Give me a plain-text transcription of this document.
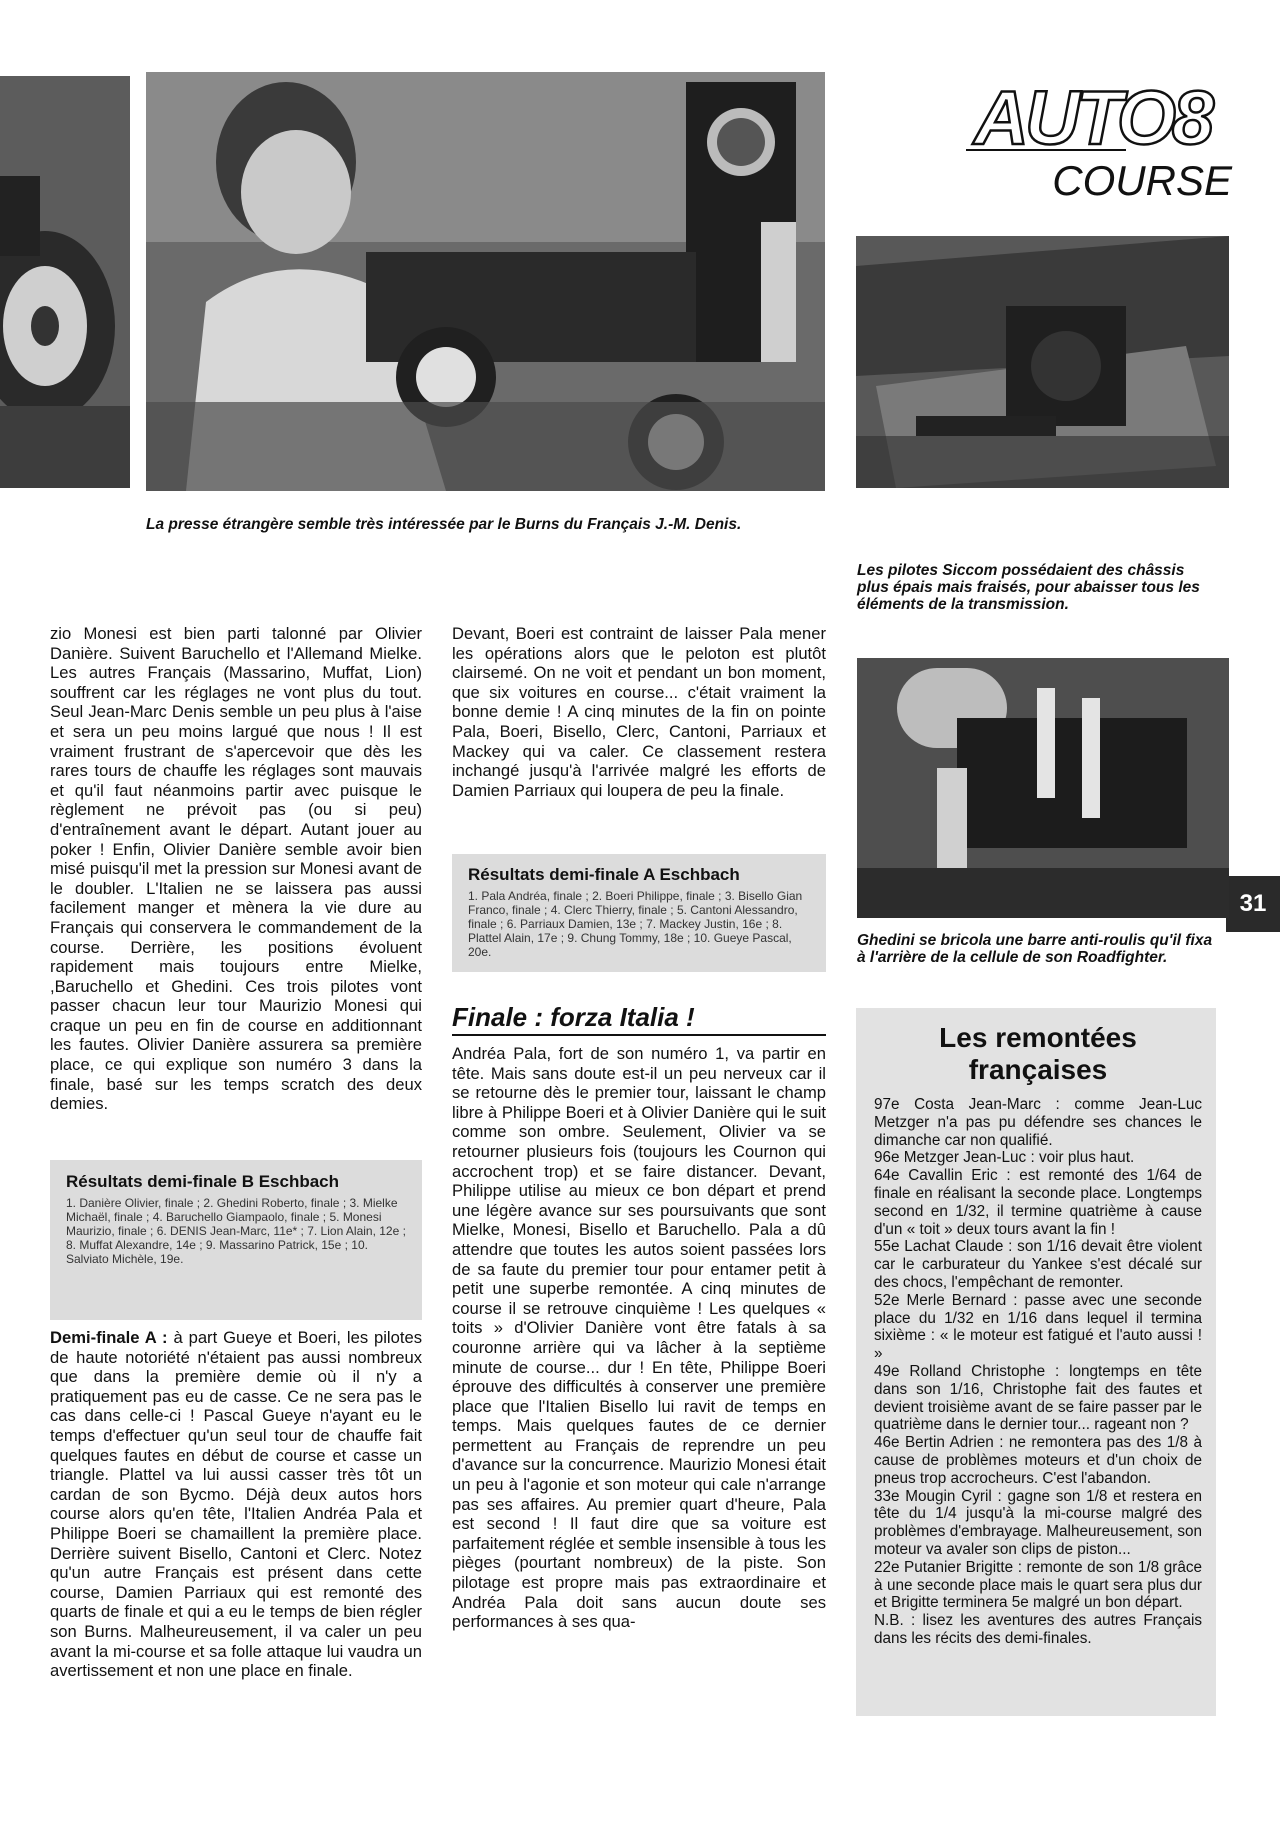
AUTO8
COURSE
31
La presse étrangère semble très intéressée par le Burns du Français J.-M. Denis.
Les pilotes Siccom possédaient des châssis plus épais mais fraisés, pour abaisser tous les éléments de la transmission.
Ghedini se bricola une barre anti-roulis qu'il fixa à l'arrière de la cellule de son Roadfighter.

zio Monesi est bien parti talonné par Olivier Danière. Suivent Baruchello et l'Allemand Mielke. Les autres Français (Massarino, Muffat, Lion) souffrent car les réglages ne vont plus du tout. Seul Jean-Marc Denis semble un peu plus à l'aise et sera un peu moins largué que nous ! Il est vraiment frustrant de s'apercevoir que dès les rares tours de chauffe les réglages sont mauvais et qu'il faut néanmoins partir avec puisque le règlement ne prévoit pas (ou si peu) d'entraînement avant le départ. Autant jouer au poker ! Enfin, Olivier Danière semble avoir bien misé puisqu'il met la pression sur Monesi avant de le doubler. L'Italien ne se laissera pas aussi facilement manger et mènera la vie dure au Français qui conservera le commandement de la course. Derrière, les positions évoluent rapidement mais toujours entre Mielke, ,Baruchello et Ghedini. Ces trois pilotes vont passer chacun leur tour Maurizio Monesi qui craque un peu en fin de course en additionnant les fautes. Olivier Danière assurera sa première place, ce qui explique son numéro 3 dans la finale, basé sur les temps scratch des deux demies.

Résultats demi-finale B Eschbach
1. Danière Olivier, finale ; 2. Ghedini Roberto, finale ; 3. Mielke Michaël, finale ; 4. Baruchello Giampaolo, finale ; 5. Monesi Maurizio, finale ; 6. DENIS Jean-Marc, 11e* ; 7. Lion Alain, 12e ; 8. Muffat Alexandre, 14e ; 9. Massarino Patrick, 15e ; 10. Salviato Michèle, 19e.

Demi-finale A : à part Gueye et Boeri, les pilotes de haute notoriété n'étaient pas aussi nombreux que dans la première demie où il n'y a pratiquement pas eu de casse. Ce ne sera pas le cas dans celle-ci ! Pascal Gueye n'ayant eu le temps d'effectuer qu'un seul tour de chauffe fait quelques fautes en début de course et casse un triangle. Plattel va lui aussi casser très tôt un cardan de son Bycmo. Déjà deux autos hors course alors qu'en tête, l'Italien Andréa Pala et Philippe Boeri se chamaillent la première place. Derrière suivent Bisello, Cantoni et Clerc. Notez qu'un autre Français est présent dans cette course, Damien Parriaux qui est remonté des quarts de finale et qui a eu le temps de bien régler son Burns. Malheureusement, il va caler un peu avant la mi-course et sa folle attaque lui vaudra un avertissement et non une place en finale.

Devant, Boeri est contraint de laisser Pala mener les opérations alors que le peloton est plutôt clairsemé. On ne voit et pendant un bon moment, que six voitures en course... c'était vraiment la bonne demie ! A cinq minutes de la fin on pointe Pala, Boeri, Bisello, Clerc, Cantoni, Parriaux et Mackey qui va caler. Ce classement restera inchangé jusqu'à l'arrivée malgré les efforts de Damien Parriaux qui loupera de peu la finale.

Résultats demi-finale A Eschbach
1. Pala Andréa, finale ; 2. Boeri Philippe, finale ; 3. Bisello Gian Franco, finale ; 4. Clerc Thierry, finale ; 5. Cantoni Alessandro, finale ; 6. Parriaux Damien, 13e ; 7. Mackey Justin, 16e ; 8. Plattel Alain, 17e ; 9. Chung Tommy, 18e ; 10. Gueye Pascal, 20e.
Finale : forza Italia !

Andréa Pala, fort de son numéro 1, va partir en tête. Mais sans doute est-il un peu nerveux car il se retourne dès le premier tour, laissant le champ libre à Philippe Boeri et à Olivier Danière qui le suit comme son ombre. Seulement, Olivier va se retourner plusieurs fois (toujours les Cournon qui accrochent trop) et se faire distancer. Devant, Philippe utilise au mieux ce bon départ et prend une légère avance sur ses poursuivants que sont Mielke, Monesi, Bisello et Baruchello. Pala a dû attendre que toutes les autos soient passées lors de sa faute du premier tour pour entamer petit à petit une superbe remontée. A cinq minutes de course il se retrouve cinquième ! Les quelques « toits » d'Olivier Danière vont être fatals à sa couronne arrière qui va lâcher à la septième minute de course... dur ! En tête, Philippe Boeri éprouve des difficultés à conserver une première place que l'Italien Bisello lui ravit de temps en temps. Mais quelques fautes de ce dernier permettent au Français de reprendre un peu d'avance sur la concurrence. Maurizio Monesi était un peu à l'agonie et son moteur qui cale n'arrange pas ses affaires. Au premier quart d'heure, Pala est second ! Il faut dire que sa voiture est parfaitement réglée et semble insensible à tous les pièges (pourtant nombreux) de la piste. Son pilotage est propre mais pas extraordinaire et Andréa Pala doit sans aucun doute ses performances à ses qua-

Les remontées
françaises
97e Costa Jean-Marc : comme Jean-Luc Metzger n'a pas pu défendre ses chances le dimanche car non qualifié.
96e Metzger Jean-Luc : voir plus haut.
64e Cavallin Eric : est remonté des 1/64 de finale en réalisant la seconde place. Longtemps second en 1/32, il termine quatrième à cause d'un « toit » deux tours avant la fin !
55e Lachat Claude : son 1/16 devait être violent car le carburateur du Yankee s'est décalé sur des chocs, l'empêchant de remonter.
52e Merle Bernard : passe avec une seconde place du 1/32 en 1/16 dans lequel il termina sixième : « le moteur est fatigué et l'auto aussi ! »
49e Rolland Christophe : longtemps en tête dans son 1/16, Christophe fait des fautes et devient troisième avant de se faire passer par le quatrième dans le dernier tour... rageant non ?
46e Bertin Adrien : ne remontera pas des 1/8 à cause de problèmes moteurs et d'un choix de pneus trop accrocheurs. C'est l'abandon.
33e Mougin Cyril : gagne son 1/8 et restera en tête du 1/4 jusqu'à la mi-course malgré des problèmes d'embrayage. Malheureusement, son moteur va avaler son clips de piston...
22e Putanier Brigitte : remonte de son 1/8 grâce à une seconde place mais le quart sera plus dur et Brigitte terminera 5e malgré un bon départ.
N.B. : lisez les aventures des autres Français dans les récits des demi-finales.
